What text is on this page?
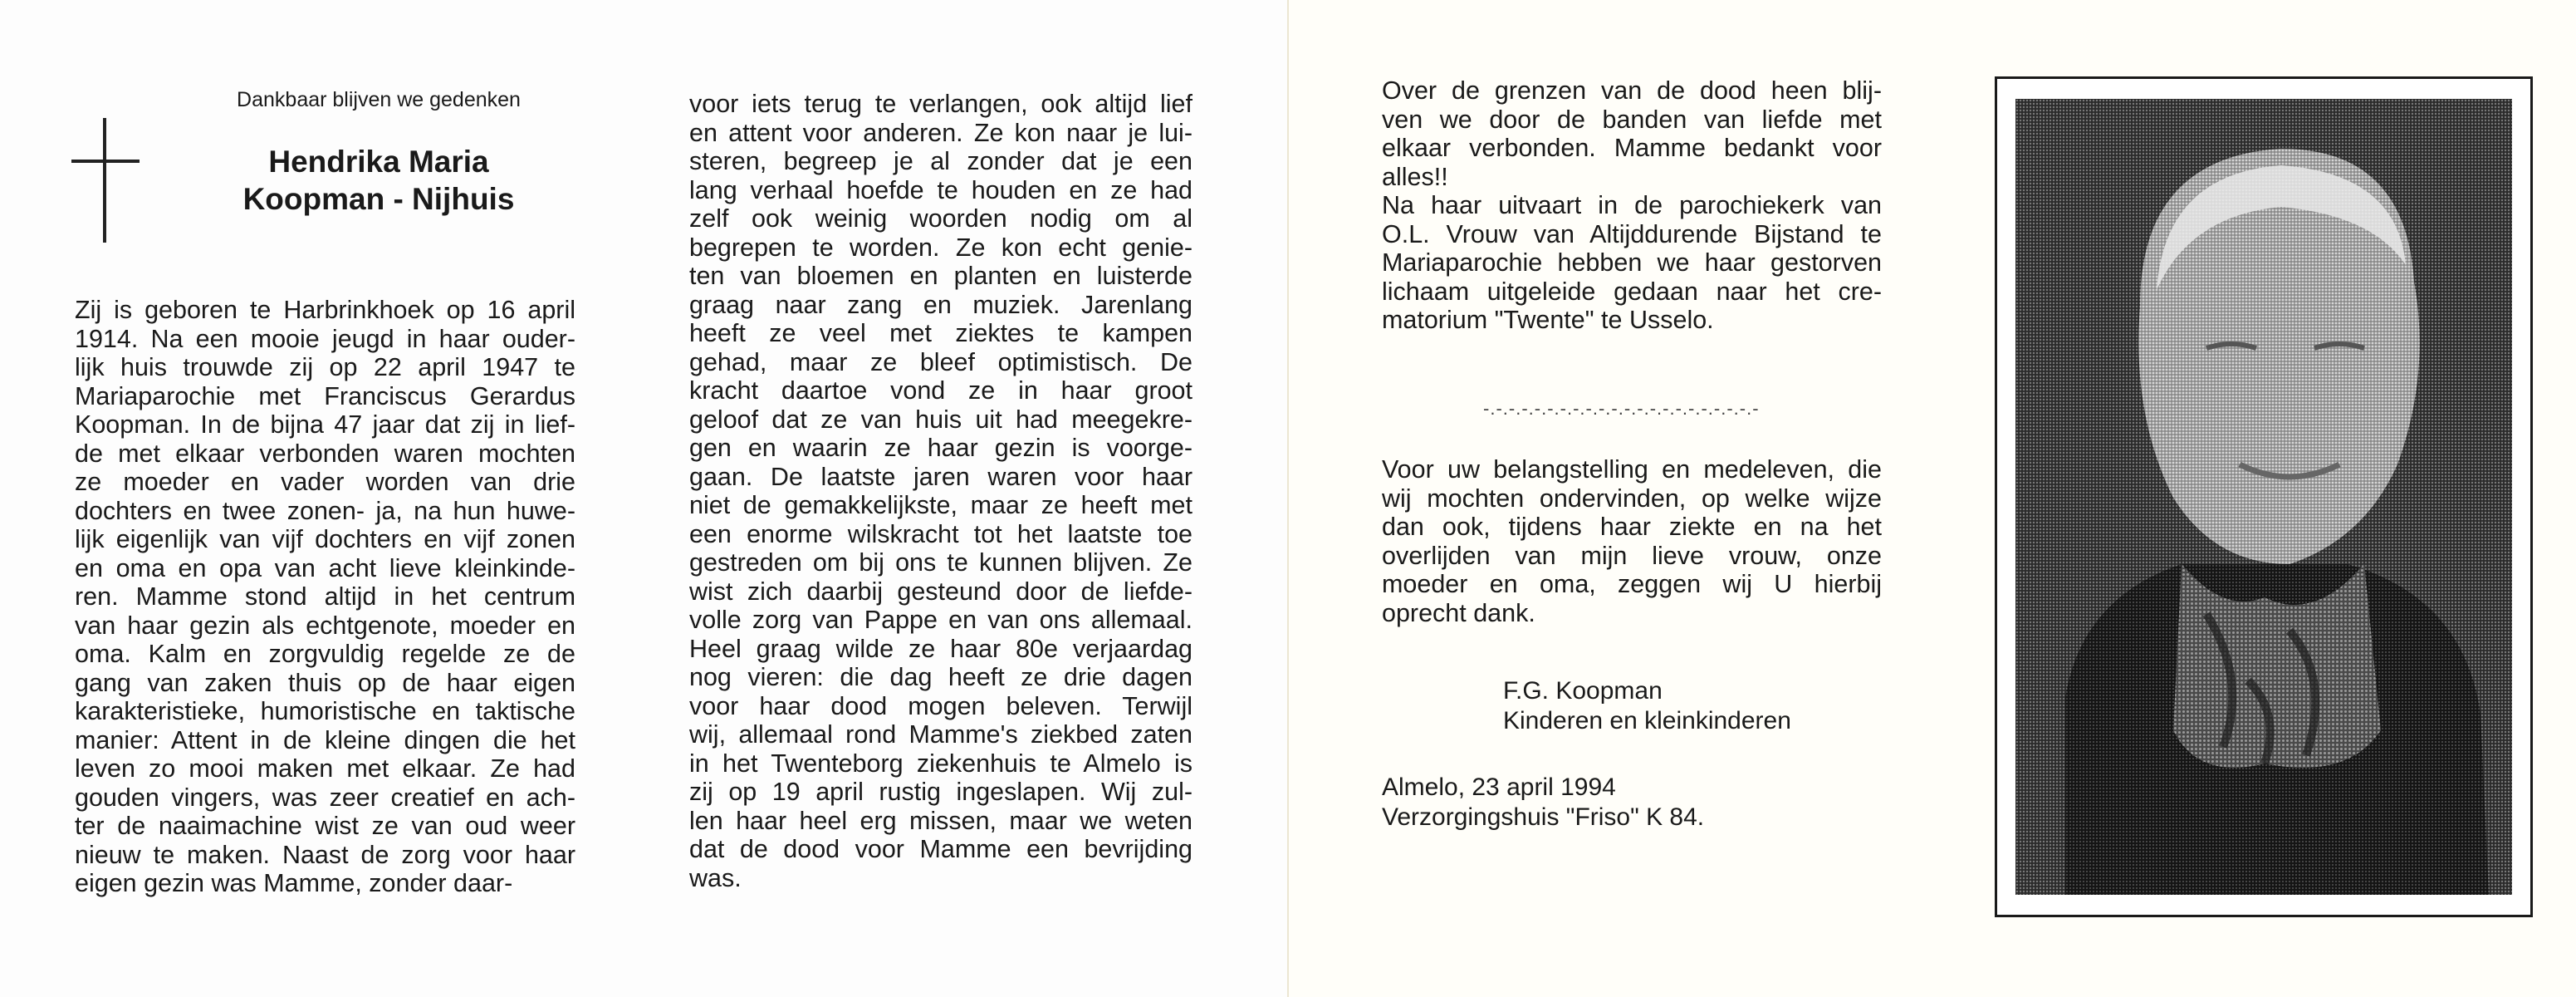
Dankbaar blijven we gedenken
Hendrika Maria
Koopman - Nijhuis
Zij is geboren te Harbrinkhoek op 16 april
1914. Na een mooie jeugd in haar ouder-
lijk huis trouwde zij op 22 april 1947 te
Mariaparochie met Franciscus Gerardus
Koopman. In de bijna 47 jaar dat zij in lief-
de met elkaar verbonden waren mochten
ze moeder en vader worden van drie
dochters en twee zonen- ja, na hun huwe-
lijk eigenlijk van vijf dochters en vijf zonen
en oma en opa van acht lieve kleinkinde-
ren. Mamme stond altijd in het centrum
van haar gezin als echtgenote, moeder en
oma. Kalm en zorgvuldig regelde ze de
gang van zaken thuis op de haar eigen
karakteristieke, humoristische en taktische
manier: Attent in de kleine dingen die het
leven zo mooi maken met elkaar. Ze had
gouden vingers, was zeer creatief en ach-
ter de naaimachine wist ze van oud weer
nieuw te maken. Naast de zorg voor haar
eigen gezin was Mamme, zonder daar-
voor iets terug te verlangen, ook altijd lief
en attent voor anderen. Ze kon naar je lui-
steren, begreep je al zonder dat je een
lang verhaal hoefde te houden en ze had
zelf ook weinig woorden nodig om al
begrepen te worden. Ze kon echt genie-
ten van bloemen en planten en luisterde
graag naar zang en muziek. Jarenlang
heeft ze veel met ziektes te kampen
gehad, maar ze bleef optimistisch. De
kracht daartoe vond ze in haar groot
geloof dat ze van huis uit had meegekre-
gen en waarin ze haar gezin is voorge-
gaan. De laatste jaren waren voor haar
niet de gemakkelijkste, maar ze heeft met
een enorme wilskracht tot het laatste toe
gestreden om bij ons te kunnen blijven. Ze
wist zich daarbij gesteund door de liefde-
volle zorg van Pappe en van ons allemaal.
Heel graag wilde ze haar 80e verjaardag
nog vieren: die dag heeft ze drie dagen
voor haar dood mogen beleven. Terwijl
wij, allemaal rond Mamme's ziekbed zaten
in het Twenteborg ziekenhuis te Almelo is
zij op 19 april rustig ingeslapen. Wij zul-
len haar heel erg missen, maar we weten
dat de dood voor Mamme een bevrijding
was.
Over de grenzen van de dood heen blij-
ven we door de banden van liefde met
elkaar verbonden. Mamme bedankt voor
alles!!
Na haar uitvaart in de parochiekerk van
O.L. Vrouw van Altijddurende Bijstand te
Mariaparochie hebben we haar gestorven
lichaam uitgeleide gedaan naar het cre-
matorium "Twente" te Usselo.
-.-.-.-.-.-.-.-.-.-.-.-.-.-.-.-.-.-.-.-.-.-
Voor uw belangstelling en medeleven, die
wij mochten ondervinden, op welke wijze
dan ook, tijdens haar ziekte en na het
overlijden van mijn lieve vrouw, onze
moeder en oma, zeggen wij U hierbij
oprecht dank.
F.G. Koopman
Kinderen en kleinkinderen
Almelo, 23 april 1994
Verzorgingshuis "Friso" K 84.
